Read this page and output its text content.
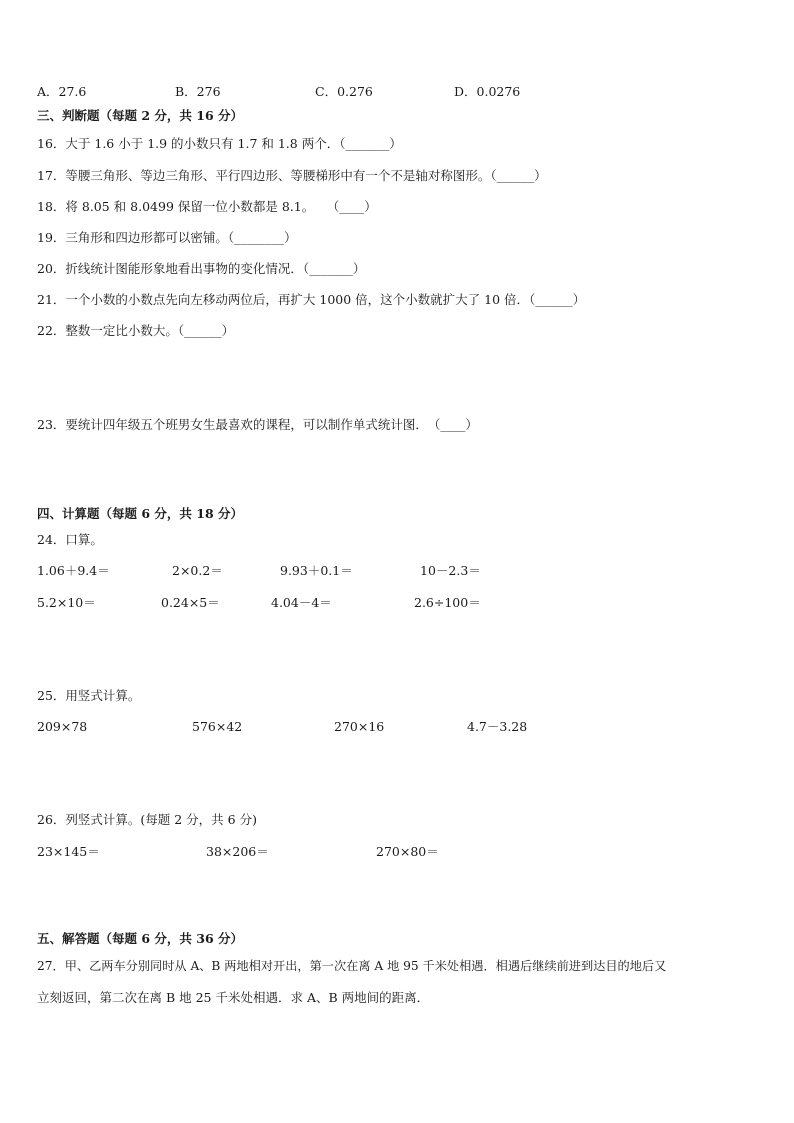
A．27.6	B．276	C．0.276	D．0.0276
三、判断题（每题 2 分，共 16 分）
16．大于 1.6 小于 1.9 的小数只有 1.7 和 1.8 两个．（_______）
17．等腰三角形、等边三角形、平行四边形、等腰梯形中有一个不是轴对称图形。（______）
18．将 8.05 和 8.0499 保留一位小数都是 8.1。　　（____）
19．三角形和四边形都可以密铺。（________）
20．折线统计图能形象地看出事物的变化情况．（_______）
21．一个小数的小数点先向左移动两位后，再扩大 1000 倍，这个小数就扩大了 10 倍．（______）
22．整数一定比小数大。（______）
23．要统计四年级五个班男女生最喜欢的课程，可以制作单式统计图．　（____）
四、计算题（每题 6 分，共 18 分）
24．口算。
1.06＋9.4＝	2×0.2＝	9.93＋0.1＝	10－2.3＝
5.2×10＝	0.24×5＝	4.04－4＝	2.6÷100＝
25．用竖式计算。
209×78	576×42	270×16	4.7－3.28
26．列竖式计算。(每题 2 分，共 6 分)
23×145＝	38×206＝	270×80＝
五、解答题（每题 6 分，共 36 分）
27．甲、乙两车分别同时从 A、B 两地相对开出，第一次在离 A 地 95 千米处相遇．相遇后继续前进到达目的地后又
立刻返回，第二次在离 B 地 25 千米处相遇．求 A、B 两地间的距离．
